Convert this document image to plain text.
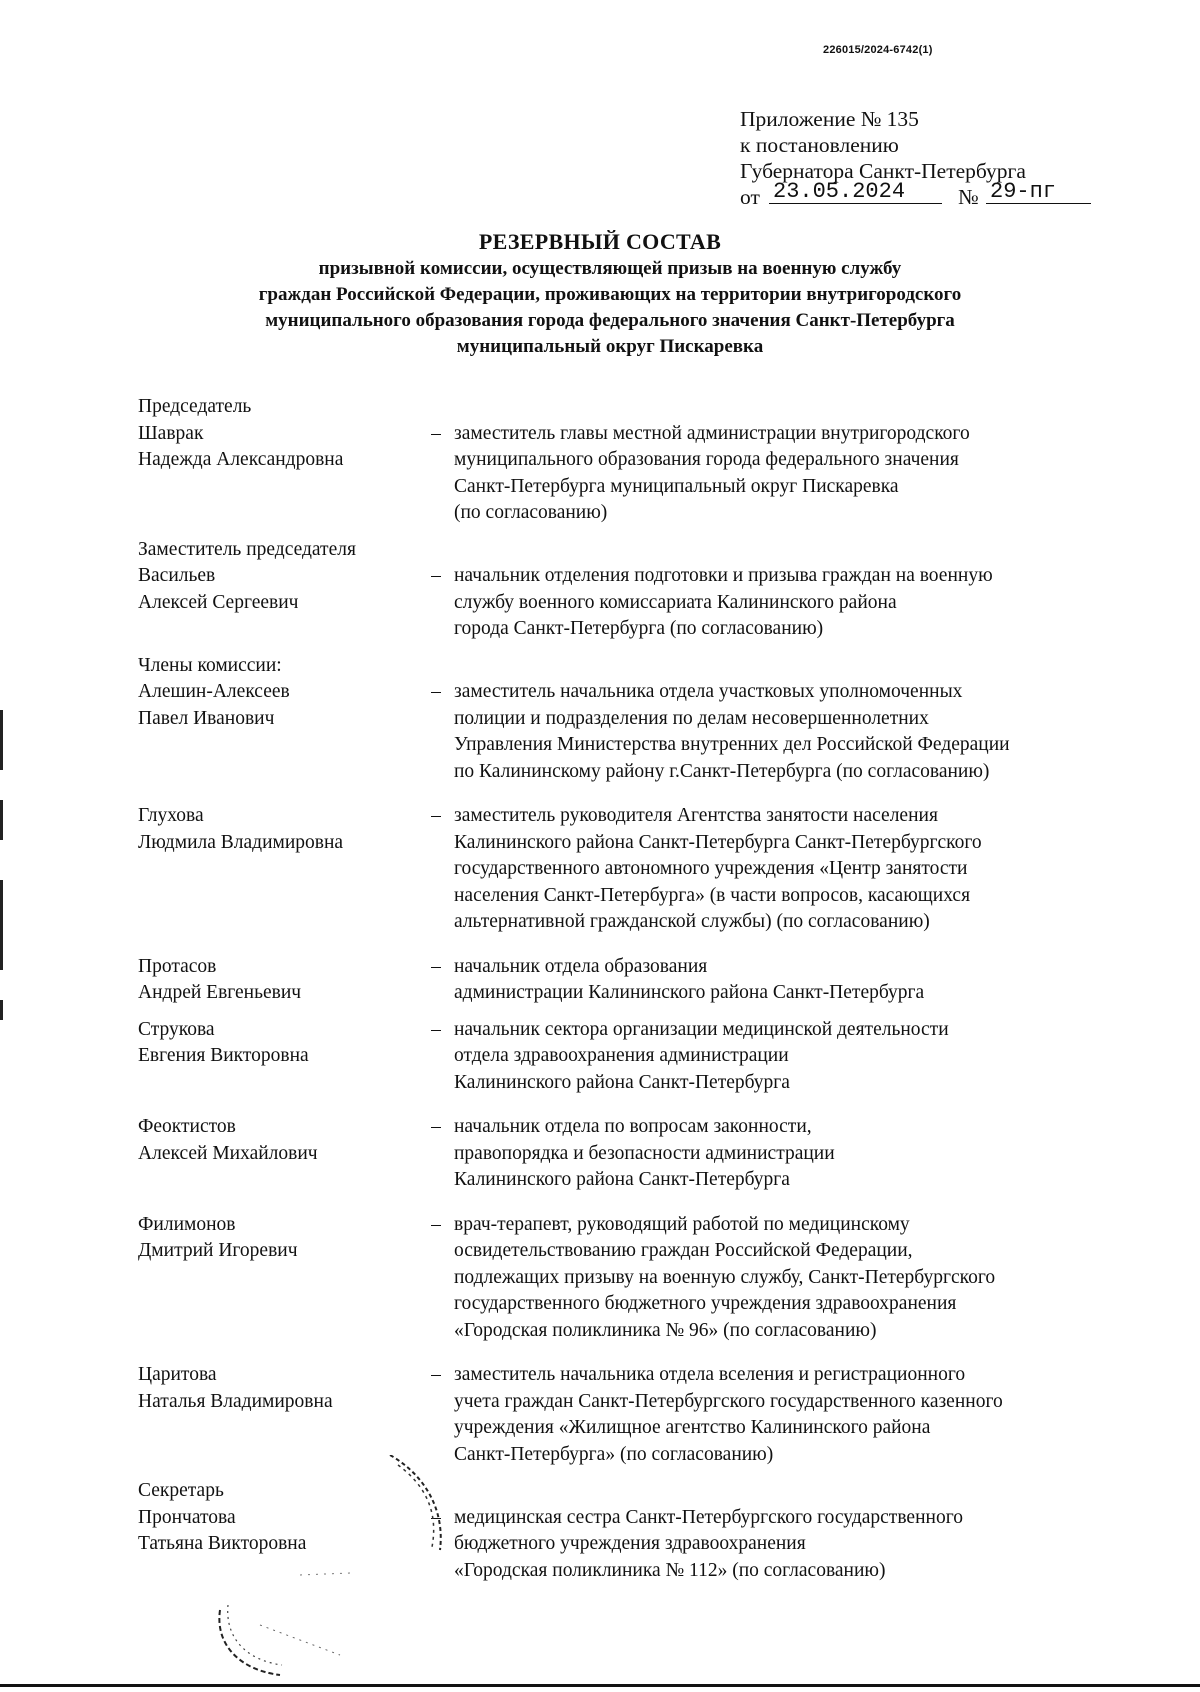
226015/2024-6742(1)
Приложение № 135
к постановлению
Губернатора Санкт-Петербурга
от 23.05.2024	№ 29-пг
РЕЗЕРВНЫЙ СОСТАВ
призывной комиссии, осуществляющей призыв на военную службу
граждан Российской Федерации, проживающих на территории внутригородского
муниципального образования города федерального значения Санкт-Петербурга
муниципальный округ Пискаревка
Председатель
Шаврак
Надежда Александровна
– заместитель главы местной администрации внутригородского
муниципального образования города федерального значения
Санкт-Петербурга муниципальный округ Пискаревка
(по согласованию)
Заместитель председателя
Васильев
Алексей Сергеевич
– начальник отделения подготовки и призыва граждан на военную
службу военного комиссариата Калининского района
города Санкт-Петербурга (по согласованию)
Члены комиссии:
Алешин-Алексеев
Павел Иванович
– заместитель начальника отдела участковых уполномоченных
полиции и подразделения по делам несовершеннолетних
Управления Министерства внутренних дел Российской Федерации
по Калининскому району г.Санкт-Петербурга (по согласованию)
Глухова
Людмила Владимировна
– заместитель руководителя Агентства занятости населения
Калининского района Санкт-Петербурга Санкт-Петербургского
государственного автономного учреждения «Центр занятости
населения Санкт-Петербурга» (в части вопросов, касающихся
альтернативной гражданской службы) (по согласованию)
Протасов
Андрей Евгеньевич
– начальник отдела образования
администрации Калининского района Санкт-Петербурга
Струкова
Евгения Викторовна
– начальник сектора организации медицинской деятельности
отдела здравоохранения администрации
Калининского района Санкт-Петербурга
Феоктистов
Алексей Михайлович
– начальник отдела по вопросам законности,
правопорядка и безопасности администрации
Калининского района Санкт-Петербурга
Филимонов
Дмитрий Игоревич
– врач-терапевт, руководящий работой по медицинскому
освидетельствованию граждан Российской Федерации,
подлежащих призыву на военную службу, Санкт-Петербургского
государственного бюджетного учреждения здравоохранения
«Городская поликлиника № 96» (по согласованию)
Царитова
Наталья Владимировна
– заместитель начальника отдела вселения и регистрационного
учета граждан Санкт-Петербургского государственного казенного
учреждения «Жилищное агентство Калининского района
Санкт-Петербурга» (по согласованию)
Секретарь
Прончатова
Татьяна Викторовна
– медицинская сестра Санкт-Петербургского государственного
бюджетного учреждения здравоохранения
«Городская поликлиника № 112» (по согласованию)
